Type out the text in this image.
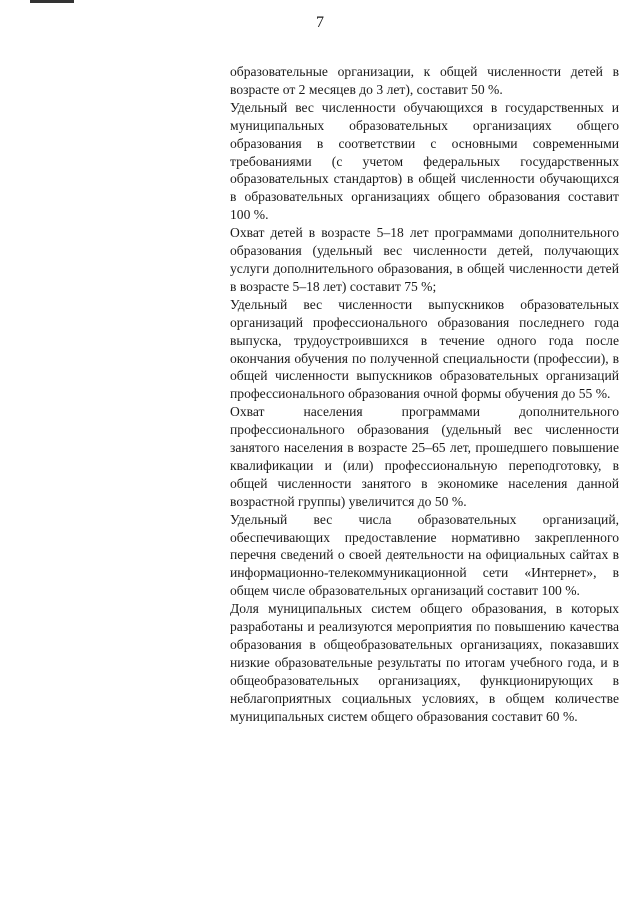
7

образовательные организации, к общей численности детей в возрасте от 2 месяцев до 3 лет), составит 50 %.

Удельный вес численности обучающихся в государственных и муниципальных образовательных организациях общего образования в соответствии с основными современными требованиями (с учетом федеральных государственных образовательных стандартов) в общей численности обучающихся в образовательных организациях общего образования составит 100 %.

Охват детей в возрасте 5–18 лет программами дополнительного образования (удельный вес численности детей, получающих услуги дополнительного образования, в общей численности детей в возрасте 5–18 лет) составит 75 %;

Удельный вес численности выпускников образовательных организаций профессионального образования последнего года выпуска, трудоустроившихся в течение одного года после окончания обучения по полученной специальности (профессии), в общей численности выпускников образовательных организаций профессионального образования очной формы обучения до 55 %.

Охват населения программами дополнительного профессионального образования (удельный вес численности занятого населения в возрасте 25–65 лет, прошедшего повышение квалификации и (или) профессиональную переподготовку, в общей численности занятого в экономике населения данной возрастной группы) увеличится до 50 %.

Удельный вес числа образовательных организаций, обеспечивающих предоставление нормативно закрепленного перечня сведений о своей деятельности на официальных сайтах в информационно-телекоммуникационной сети «Интернет», в общем числе образовательных организаций составит 100 %.

Доля муниципальных систем общего образования, в которых разработаны и реализуются мероприятия по повышению качества образования в общеобразовательных организациях, показавших низкие образовательные результаты по итогам учебного года, и в общеобразовательных организациях, функционирующих в неблагоприятных социальных условиях, в общем количестве муниципальных систем общего образования составит 60 %.
